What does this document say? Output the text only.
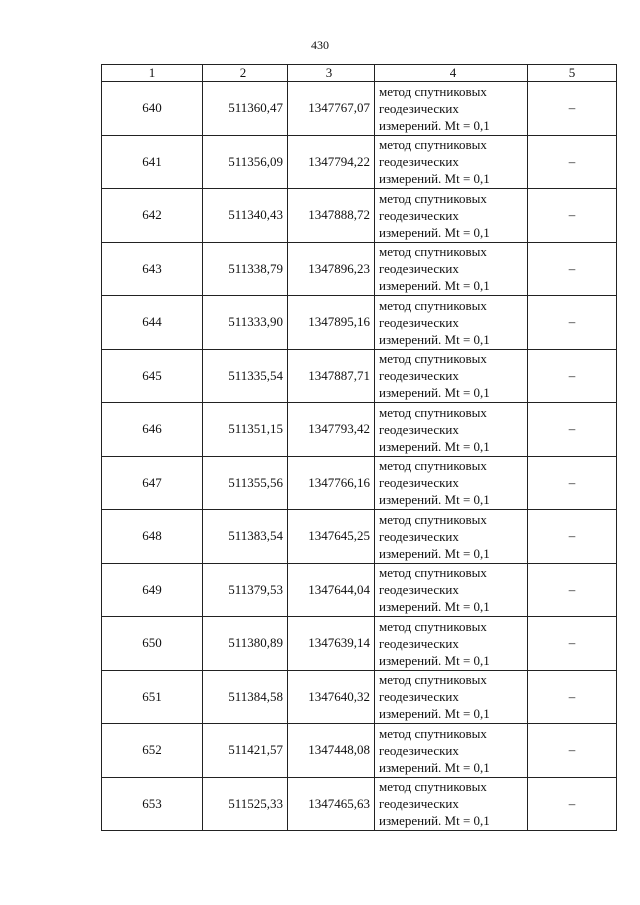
430
1	2	3	4	5
640	511360,47	1347767,07	метод спутниковых
геодезических
измерений. Mt = 0,1	–
641	511356,09	1347794,22	метод спутниковых
геодезических
измерений. Mt = 0,1	–
642	511340,43	1347888,72	метод спутниковых
геодезических
измерений. Mt = 0,1	–
643	511338,79	1347896,23	метод спутниковых
геодезических
измерений. Mt = 0,1	–
644	511333,90	1347895,16	метод спутниковых
геодезических
измерений. Mt = 0,1	–
645	511335,54	1347887,71	метод спутниковых
геодезических
измерений. Mt = 0,1	–
646	511351,15	1347793,42	метод спутниковых
геодезических
измерений. Mt = 0,1	–
647	511355,56	1347766,16	метод спутниковых
геодезических
измерений. Mt = 0,1	–
648	511383,54	1347645,25	метод спутниковых
геодезических
измерений. Mt = 0,1	–
649	511379,53	1347644,04	метод спутниковых
геодезических
измерений. Mt = 0,1	–
650	511380,89	1347639,14	метод спутниковых
геодезических
измерений. Mt = 0,1	–
651	511384,58	1347640,32	метод спутниковых
геодезических
измерений. Mt = 0,1	–
652	511421,57	1347448,08	метод спутниковых
геодезических
измерений. Mt = 0,1	–
653	511525,33	1347465,63	метод спутниковых
геодезических
измерений. Mt = 0,1	–
